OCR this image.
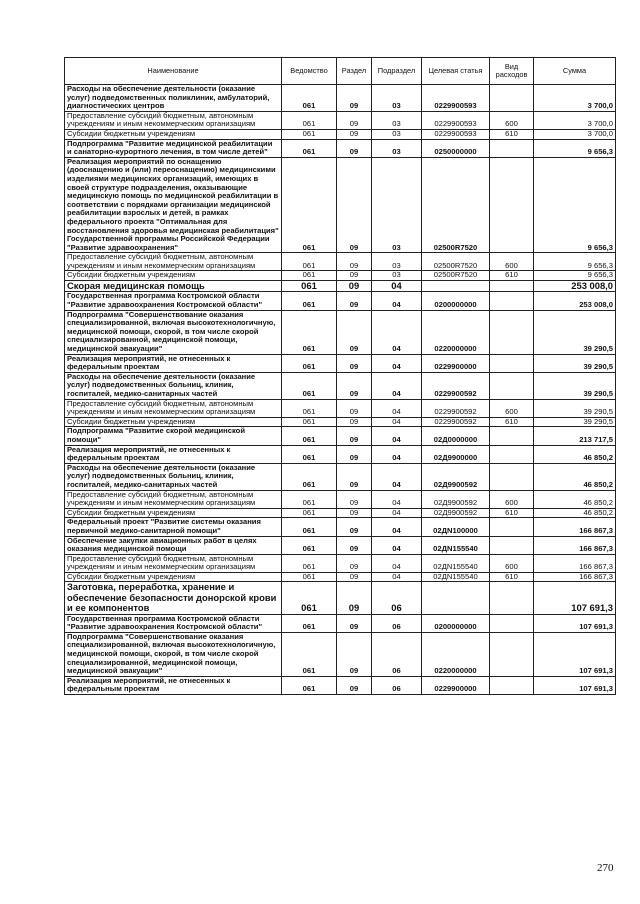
Наименование	Ведомство	Раздел	Подраздел	Целевая статья	Вид расходов	Сумма
Расходы на обеспечение деятельности (оказание услуг) подведомственных поликлиник, амбулаторий, диагностических центров	061	09	03	0229900593		3 700,0
Предоставление субсидий бюджетным, автономным учреждениям и иным некоммерческим организациям	061	09	03	0229900593	600	3 700,0
Субсидии бюджетным учреждениям	061	09	03	0229900593	610	3 700,0
Подпрограмма "Развитие медицинской реабилитации и санаторно-курортного лечения, в том числе детей"	061	09	03	0250000000		9 656,3
Реализация мероприятий по оснащению (дооснащению и (или) переоснащению) медицинскими изделиями медицинских организаций, имеющих в своей структуре подразделения, оказывающие медицинскую помощь по медицинской реабилитации в соответствии с порядками организации медицинской реабилитации взрослых и детей, в рамках федерального проекта "Оптимальная для восстановления здоровья медицинская реабилитация" Государственной программы Российской Федерации "Развитие здравоохранения"	061	09	03	02500R7520		9 656,3
Предоставление субсидий бюджетным, автономным учреждениям и иным некоммерческим организациям	061	09	03	02500R7520	600	9 656,3
Субсидии бюджетным учреждениям	061	09	03	02500R7520	610	9 656,3
Скорая медицинская помощь	061	09	04			253 008,0
Государственная программа Костромской области "Развитие здравоохранения Костромской области"	061	09	04	0200000000		253 008,0
Подпрограмма "Совершенствование оказания специализированной, включая высокотехнологичную, медицинской помощи, скорой, в том числе скорой специализированной, медицинской помощи, медицинской эвакуации"	061	09	04	0220000000		39 290,5
Реализация мероприятий, не отнесенных к федеральным проектам	061	09	04	0229900000		39 290,5
Расходы на обеспечение деятельности (оказание услуг) подведомственных больниц, клиник, госпиталей, медико-санитарных частей	061	09	04	0229900592		39 290,5
Предоставление субсидий бюджетным, автономным учреждениям и иным некоммерческим организациям	061	09	04	0229900592	600	39 290,5
Субсидии бюджетным учреждениям	061	09	04	0229900592	610	39 290,5
Подпрограмма "Развитие скорой медицинской помощи"	061	09	04	02Д0000000		213 717,5
Реализация мероприятий, не отнесенных к федеральным проектам	061	09	04	02Д9900000		46 850,2
Расходы на обеспечение деятельности (оказание услуг) подведомственных больниц, клиник, госпиталей, медико-санитарных частей	061	09	04	02Д9900592		46 850,2
Предоставление субсидий бюджетным, автономным учреждениям и иным некоммерческим организациям	061	09	04	02Д9900592	600	46 850,2
Субсидии бюджетным учреждениям	061	09	04	02Д9900592	610	46 850,2
Федеральный проект "Развитие системы оказания первичной медико-санитарной помощи"	061	09	04	02ДN100000		166 867,3
Обеспечение закупки авиационных работ в целях оказания медицинской помощи	061	09	04	02ДN155540		166 867,3
Предоставление субсидий бюджетным, автономным учреждениям и иным некоммерческим организациям	061	09	04	02ДN155540	600	166 867,3
Субсидии бюджетным учреждениям	061	09	04	02ДN155540	610	166 867,3
Заготовка, переработка, хранение и обеспечение безопасности донорской крови и ее компонентов	061	09	06			107 691,3
Государственная программа Костромской области "Развитие здравоохранения Костромской области"	061	09	06	0200000000		107 691,3
Подпрограмма "Совершенствование оказания специализированной, включая высокотехнологичную, медицинской помощи, скорой, в том числе скорой специализированной, медицинской помощи, медицинской эвакуации"	061	09	06	0220000000		107 691,3
Реализация мероприятий, не отнесенных к федеральным проектам	061	09	06	0229900000		107 691,3
270
